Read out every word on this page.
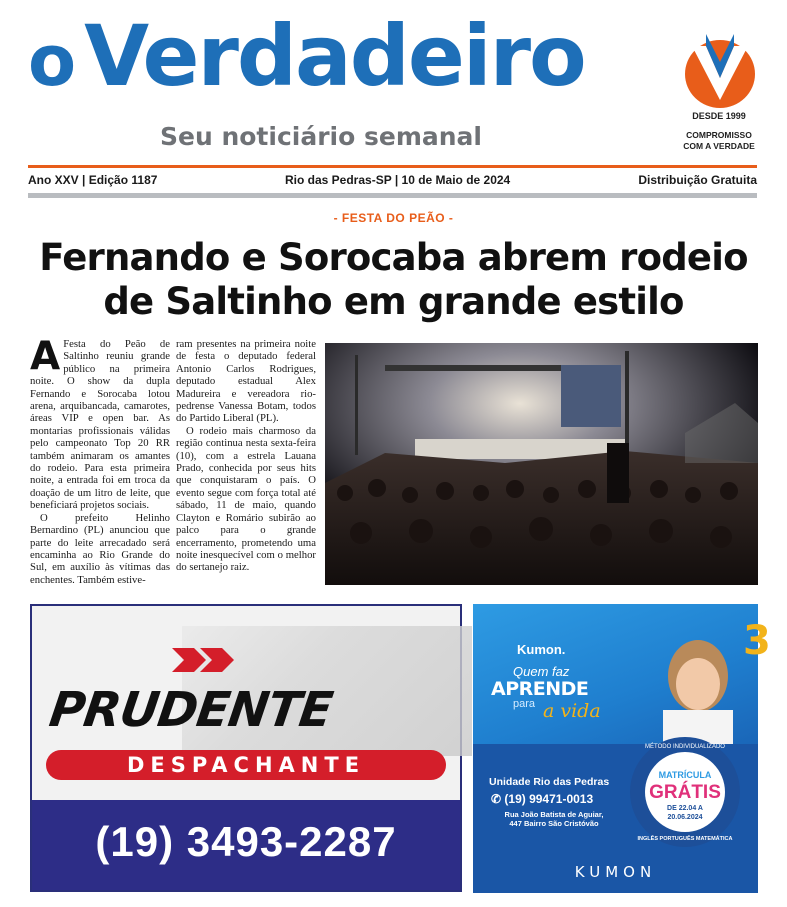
o Verdadeiro
Seu noticiário semanal
DESDE 1999
COMPROMISSO
COM A VERDADE
Ano XXV | Edição 1187	Rio das Pedras-SP | 10 de Maio de 2024	Distribuição Gratuita
- FESTA DO PEÃO -
Fernando e Sorocaba abrem rodeio de Saltinho em grande estilo

A Festa do Peão de Saltinho reuniu grande público na primeira noite. O show da dupla Fernando e Sorocaba lotou arena, arquibancada, camarotes, áreas VIP e open bar. As montarias profissionais válidas pelo campeonato Top 20 RR também animaram os amantes do rodeio. Para esta primeira noite, a entrada foi em troca da doação de um litro de leite, que beneficiará projetos sociais.

O prefeito Helinho Bernardino (PL) anunciou que parte do leite arrecadado será encaminha ao Rio Grande do Sul, em auxílio às vítimas das enchentes. Também estive-

ram presentes na primeira noite de festa o deputado federal Antonio Carlos Rodrigues, deputado estadual Alex Madureira e vereadora rio-pedrense Vanessa Botam, todos do Partido Liberal (PL).

O rodeio mais charmoso da região continua nesta sexta-feira (10), com a estrela Lauana Prado, conhecida por seus hits que conquistaram o país. O evento segue com força total até sábado, 11 de maio, quando Clayton e Romário subirão ao palco para o grande encerramento, prometendo uma noite inesquecível com o melhor do sertanejo raiz.

PRUDENTE
DESPACHANTE
(19) 3493-2287
3
Kumon.
Quem faz
APRENDE
para a vida
Unidade Rio das Pedras
✆ (19) 99471-0013
Rua João Batista de Aguiar,
447 Bairro São Cristóvão
MÉTODO INDIVIDUALIZADO
MATRÍCULA
GRÁTIS
DE 22.04 A
20.06.2024
INGLÊS PORTUGUÊS MATEMÁTICA
KUMON
